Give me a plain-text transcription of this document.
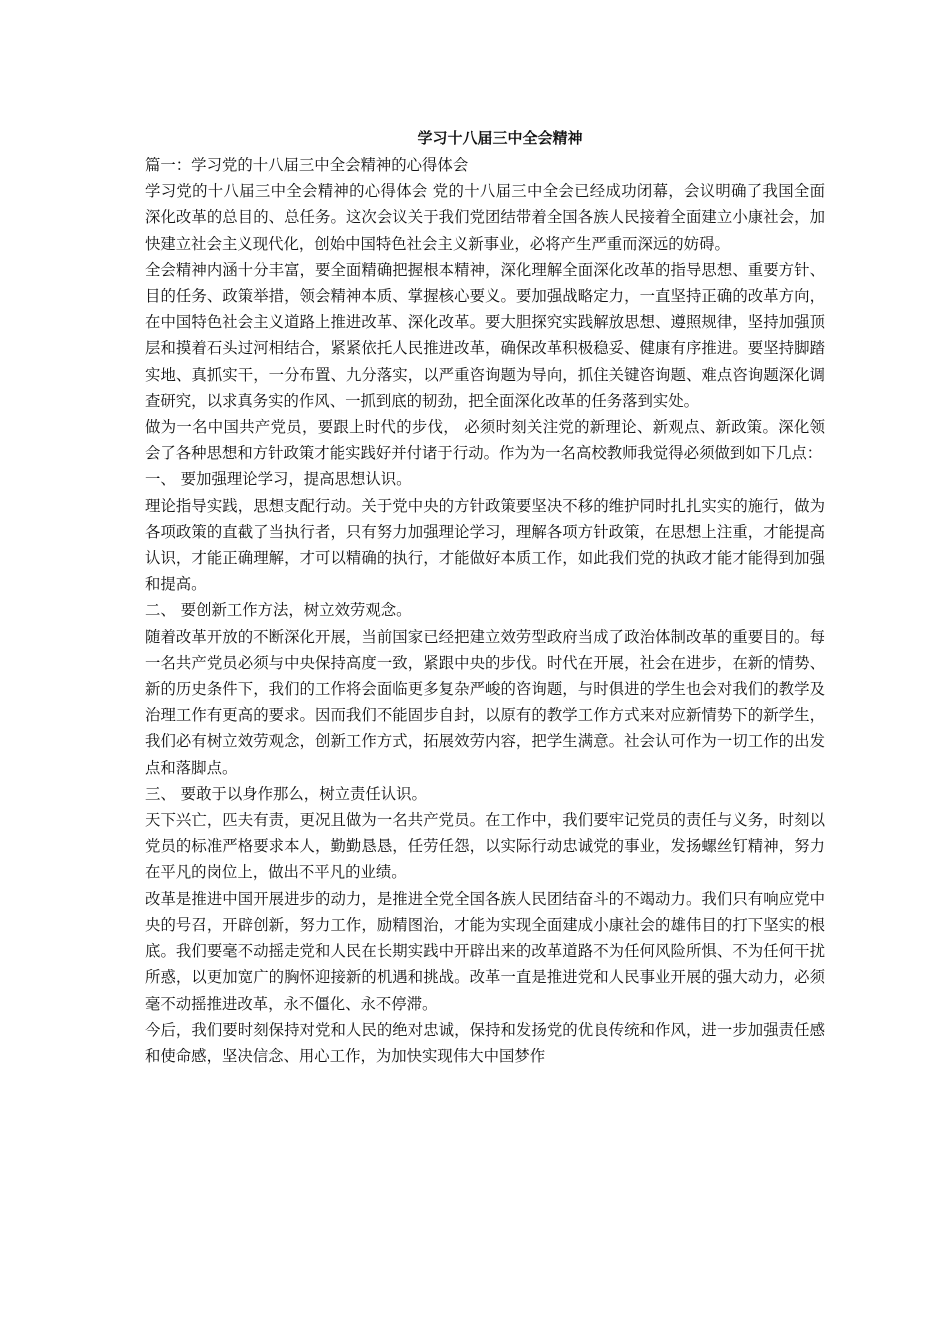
学习十八届三中全会精神

篇一：学习党的十八届三中全会精神的心得体会

学习党的十八届三中全会精神的心得体会 党的十八届三中全会已经成功闭幕，会议明确了我国全面深化改革的总目的、总任务。这次会议关于我们党团结带着全国各族人民接着全面建立小康社会，加快建立社会主义现代化，创始中国特色社会主义新事业，必将产生严重而深远的妨碍。

全会精神内涵十分丰富，要全面精确把握根本精神，深化理解全面深化改革的指导思想、重要方针、目的任务、政策举措，领会精神本质、掌握核心要义。要加强战略定力，一直坚持正确的改革方向，在中国特色社会主义道路上推进改革、深化改革。要大胆探究实践解放思想、遵照规律，坚持加强顶层和摸着石头过河相结合，紧紧依托人民推进改革，确保改革积极稳妥、健康有序推进。要坚持脚踏实地、真抓实干，一分布置、九分落实，以严重咨询题为导向，抓住关键咨询题、难点咨询题深化调查研究，以求真务实的作风、一抓到底的韧劲，把全面深化改革的任务落到实处。

做为一名中国共产党员，要跟上时代的步伐， 必须时刻关注党的新理论、新观点、新政策。深化领会了各种思想和方针政策才能实践好并付诸于行动。作为为一名高校教师我觉得必须做到如下几点：

一、 要加强理论学习，提高思想认识。

理论指导实践，思想支配行动。关于党中央的方针政策要坚决不移的维护同时扎扎实实的施行，做为各项政策的直截了当执行者，只有努力加强理论学习，理解各项方针政策，在思想上注重，才能提高认识，才能正确理解，才可以精确的执行，才能做好本质工作，如此我们党的执政才能才能得到加强和提高。

二、 要创新工作方法，树立效劳观念。

随着改革开放的不断深化开展，当前国家已经把建立效劳型政府当成了政治体制改革的重要目的。每一名共产党员必须与中央保持高度一致，紧跟中央的步伐。时代在开展，社会在进步，在新的情势、新的历史条件下，我们的工作将会面临更多复杂严峻的咨询题，与时俱进的学生也会对我们的教学及治理工作有更高的要求。因而我们不能固步自封，以原有的教学工作方式来对应新情势下的新学生，我们必有树立效劳观念，创新工作方式，拓展效劳内容，把学生满意。社会认可作为一切工作的出发点和落脚点。

三、 要敢于以身作那么，树立责任认识。

天下兴亡，匹夫有责，更况且做为一名共产党员。在工作中，我们要牢记党员的责任与义务，时刻以党员的标准严格要求本人，勤勤恳恳，任劳任怨，以实际行动忠诚党的事业，发扬螺丝钉精神，努力在平凡的岗位上，做出不平凡的业绩。

改革是推进中国开展进步的动力，是推进全党全国各族人民团结奋斗的不竭动力。我们只有响应党中央的号召，开辟创新，努力工作，励精图治，才能为实现全面建成小康社会的雄伟目的打下坚实的根底。我们要毫不动摇走党和人民在长期实践中开辟出来的改革道路不为任何风险所惧、不为任何干扰所惑，以更加宽广的胸怀迎接新的机遇和挑战。改革一直是推进党和人民事业开展的强大动力，必须毫不动摇推进改革，永不僵化、永不停滞。

今后，我们要时刻保持对党和人民的绝对忠诚，保持和发扬党的优良传统和作风，进一步加强责任感和使命感，坚决信念、用心工作，为加快实现伟大中国梦作
